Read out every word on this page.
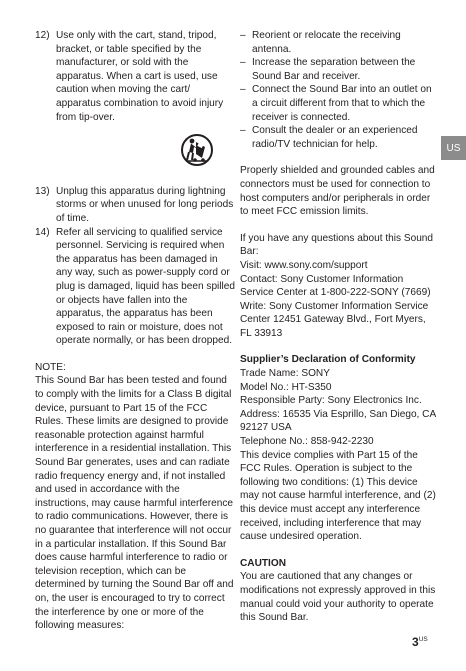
12) Use only with the cart, stand, tripod, bracket, or table specified by the manufacturer, or sold with the apparatus. When a cart is used, use caution when moving the cart/ apparatus combination to avoid injury from tip-over.
13) Unplug this apparatus during lightning storms or when unused for long periods of time.
14) Refer all servicing to qualified service personnel. Servicing is required when the apparatus has been damaged in any way, such as power-supply cord or plug is damaged, liquid has been spilled or objects have fallen into the apparatus, the apparatus has been exposed to rain or moisture, does not operate normally, or has been dropped.

NOTE:

This Sound Bar has been tested and found to comply with the limits for a Class B digital device, pursuant to Part 15 of the FCC Rules. These limits are designed to provide reasonable protection against harmful interference in a residential installation. This Sound Bar generates, uses and can radiate radio frequency energy and, if not installed and used in accordance with the instructions, may cause harmful interference to radio communications. However, there is no guarantee that interference will not occur in a particular installation. If this Sound Bar does cause harmful interference to radio or television reception, which can be determined by turning the Sound Bar off and on, the user is encouraged to try to correct the interference by one or more of the following measures:

– Reorient or relocate the receiving antenna.
– Increase the separation between the Sound Bar and receiver.
– Connect the Sound Bar into an outlet on a circuit different from that to which the receiver is connected.
– Consult the dealer or an experienced radio/TV technician for help.

Properly shielded and grounded cables and connectors must be used for connection to host computers and/or peripherals in order to meet FCC emission limits.

If you have any questions about this Sound Bar:

Visit: www.sony.com/support

Contact: Sony Customer Information Service Center at 1-800-222-SONY (7669)

Write: Sony Customer Information Service Center 12451 Gateway Blvd., Fort Myers, FL 33913

Supplier’s Declaration of Conformity

Trade Name: SONY

Model No.: HT-S350

Responsible Party: Sony Electronics Inc.

Address: 16535 Via Esprillo, San Diego, CA 92127 USA

Telephone No.: 858-942-2230

This device complies with Part 15 of the FCC Rules. Operation is subject to the following two conditions: (1) This device may not cause harmful interference, and (2) this device must accept any interference received, including interference that may cause undesired operation.

CAUTION

You are cautioned that any changes or modifications not expressly approved in this manual could void your authority to operate this Sound Bar.

US
$3^{US}$
